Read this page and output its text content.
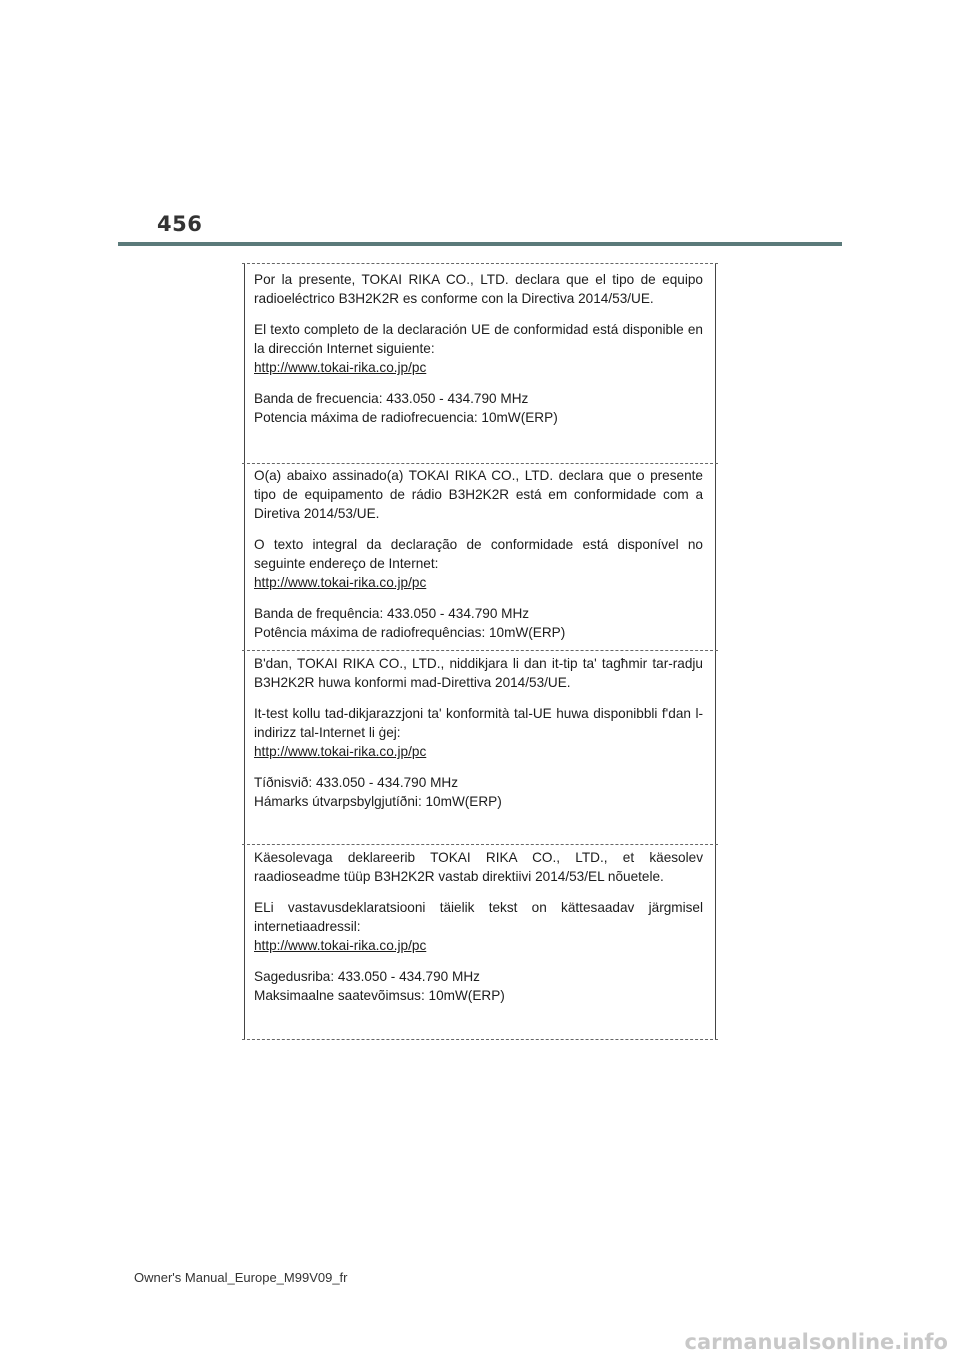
456

Por la presente, TOKAI RIKA CO., LTD. declara que el tipo de equipo radioeléctrico B3H2K2R es conforme con la Directiva 2014/53/UE.

El texto completo de la declaración UE de conformidad está disponible en la dirección Internet siguiente:

http://www.tokai-rika.co.jp/pc

Banda de frecuencia: 433.050 - 434.790 MHz

Potencia máxima de radiofrecuencia: 10mW(ERP)

O(a) abaixo assinado(a) TOKAI RIKA CO., LTD. declara que o presente tipo de equipamento de rádio B3H2K2R está em conformidade com a Diretiva 2014/53/UE.

O texto integral da declaração de conformidade está disponível no seguinte endereço de Internet:

http://www.tokai-rika.co.jp/pc

Banda de frequência: 433.050 - 434.790 MHz

Potência máxima de radiofrequências: 10mW(ERP)

B'dan, TOKAI RIKA CO., LTD., niddikjara li dan it-tip ta' tagħmir tar-radju B3H2K2R huwa konformi mad-Direttiva 2014/53/UE.

It-test kollu tad-dikjarazzjoni ta' konformità tal-UE huwa disponibbli f'dan l-indirizz tal-Internet li ġej:

http://www.tokai-rika.co.jp/pc

Tíðnisvið: 433.050 - 434.790 MHz

Hámarks útvarpsbylgjutíðni: 10mW(ERP)

Käesolevaga deklareerib TOKAI RIKA CO., LTD., et käesolev raadioseadme tüüp B3H2K2R vastab direktiivi 2014/53/EL nõuetele.

ELi vastavusdeklaratsiooni täielik tekst on kättesaadav järgmisel internetiaadressil:

http://www.tokai-rika.co.jp/pc

Sagedusriba: 433.050 - 434.790 MHz

Maksimaalne saatevõimsus: 10mW(ERP)

Owner's Manual_Europe_M99V09_fr
carmanualsonline.info
